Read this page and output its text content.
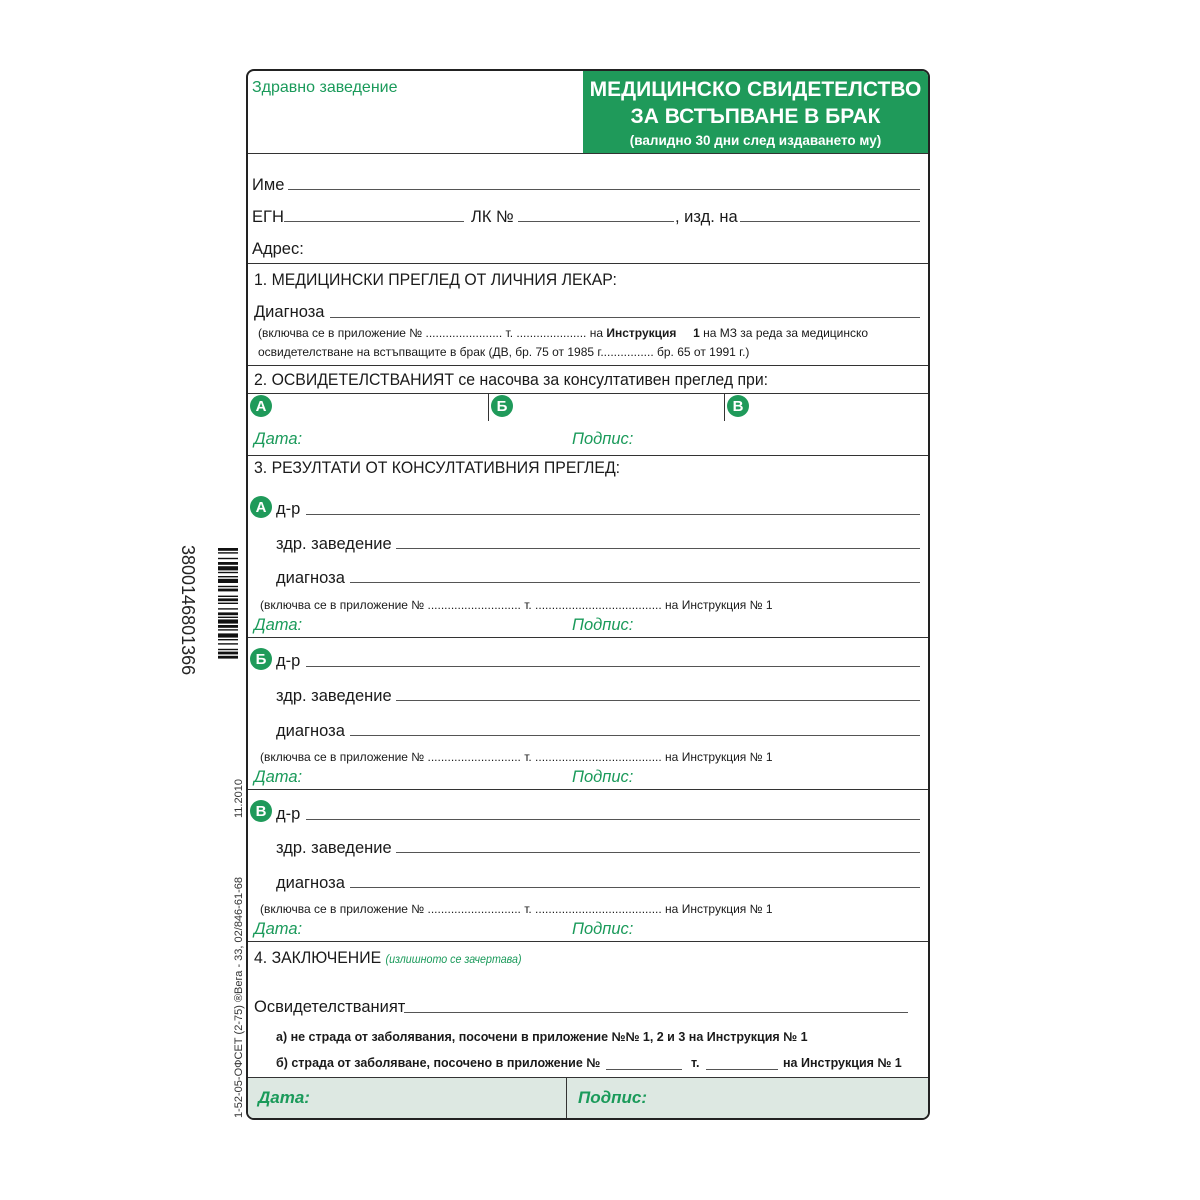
3800146801366
11.2010
1-52-05-ОФСЕТ (2-75) ®Вега - 33, 02/846-61-68
Здравно заведение	МЕДИЦИНСКО СВИДЕТЕЛСТВО
ЗА ВСТЪПВАНЕ В БРАК
(валидно 30 дни след издаването му)
Име
ЕГН	ЛК №	, изд. на
Адрес:
1. МЕДИЦИНСКИ ПРЕГЛЕД ОТ ЛИЧНИЯ ЛЕКАР:
Диагноза
(включва се в приложение № ....................... т. ..................... на Инструкция 1 на МЗ за реда за медицинско
освидетелстване на встъпващите в брак (ДВ, бр. 75 от 1985 г................ бр. 65 от 1991 г.)
2. ОСВИДЕТЕЛСТВАНИЯТ се насочва за консултативен преглед при:
А	Б	В
Дата:	Подпис:
3. РЕЗУЛТАТИ ОТ КОНСУЛТАТИВНИЯ ПРЕГЛЕД:
А д-р
здр. заведение
диагноза
(включва се в приложение № ............................ т. ...................................... на Инструкция № 1
Дата:	Подпис:
Б д-р
здр. заведение
диагноза
(включва се в приложение № ............................ т. ...................................... на Инструкция № 1
Дата:	Подпис:
В д-р
здр. заведение
диагноза
(включва се в приложение № ............................ т. ...................................... на Инструкция № 1
Дата:	Подпис:
4. ЗАКЛЮЧЕНИЕ (излишното се зачертава)
Освидетелстваният
а) не страда от заболявания, посочени в приложение №№ 1, 2 и 3 на Инструкция № 1
б) страда от заболяване, посочено в приложение №	т.	на Инструкция № 1
Дата:	Подпис:
